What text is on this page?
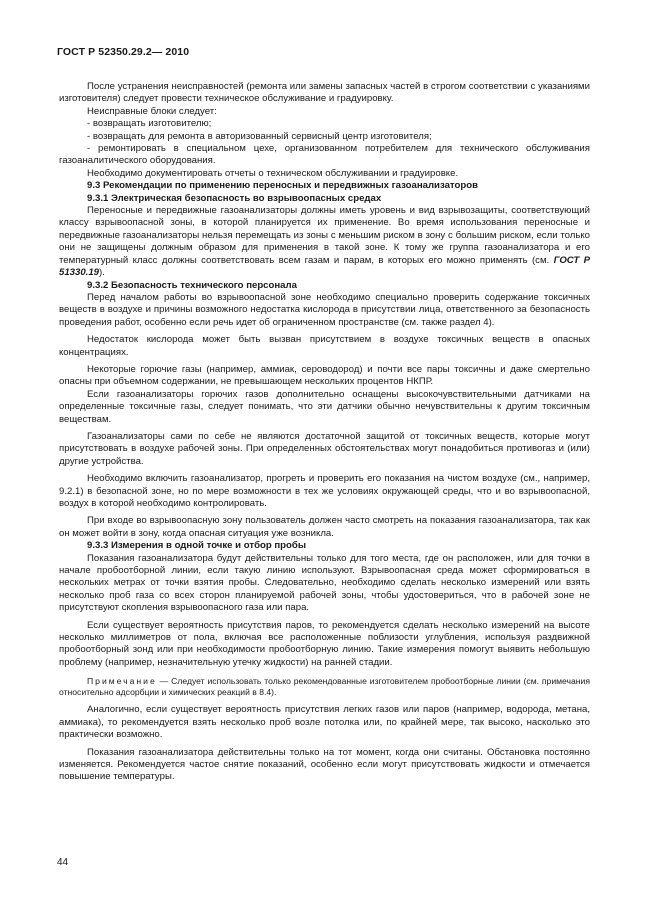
ГОСТ Р 52350.29.2— 2010

После устранения неисправностей (ремонта или замены запасных частей в строгом соответствии с указаниями изготовителя) следует провести техническое обслуживание и градуировку.

Неисправные блоки следует:

- возвращать изготовителю;

- возвращать для ремонта в авторизованный сервисный центр изготовителя;

- ремонтировать в специальном цехе, организованном потребителем для технического обслуживания газоаналитического оборудования.

Необходимо документировать отчеты о техническом обслуживании и градуировке.

9.3 Рекомендации по применению переносных и передвижных газоанализаторов

9.3.1 Электрическая безопасность во взрывоопасных средах

Переносные и передвижные газоанализаторы должны иметь уровень и вид взрывозащиты, соответствующий классу взрывоопасной зоны, в которой планируется их применение. Во время использования переносные и передвижные газоанализаторы нельзя перемещать из зоны с меньшим риском в зону с большим риском, если только они не защищены должным образом для применения в такой зоне. К тому же группа газоанализатора и его температурный класс должны соответствовать всем газам и парам, в которых его можно применять (см. ГОСТ Р 51330.19).

9.3.2 Безопасность технического персонала

Перед началом работы во взрывоопасной зоне необходимо специально проверить содержание токсичных веществ в воздухе и причины возможного недостатка кислорода в присутствии лица, ответственного за безопасность проведения работ, особенно если речь идет об ограниченном пространстве (см. также раздел 4).

Недостаток кислорода может быть вызван присутствием в воздухе токсичных веществ в опасных концентрациях.

Некоторые горючие газы (например, аммиак, сероводород) и почти все пары токсичны и даже смертельно опасны при объемном содержании, не превышающем нескольких процентов НКПР.

Если газоанализаторы горючих газов дополнительно оснащены высокочувствительными датчиками на определенные токсичные газы, следует понимать, что эти датчики обычно нечувствительны к другим токсичным веществам.

Газоанализаторы сами по себе не являются достаточной защитой от токсичных веществ, которые могут присутствовать в воздухе рабочей зоны. При определенных обстоятельствах могут понадобиться противогаз и (или) другие устройства.

Необходимо включить газоанализатор, прогреть и проверить его показания на чистом воздухе (см., например, 9.2.1) в безопасной зоне, но по мере возможности в тех же условиях окружающей среды, что и во взрывоопасной, воздух в которой необходимо контролировать.

При входе во взрывоопасную зону пользователь должен часто смотреть на показания газоанализатора, так как он может войти в зону, когда опасная ситуация уже возникла.

9.3.3 Измерения в одной точке и отбор пробы

Показания газоанализатора будут действительны только для того места, где он расположен, или для точки в начале пробоотборной линии, если такую линию используют. Взрывоопасная среда может сформироваться в нескольких метрах от точки взятия пробы. Следовательно, необходимо сделать несколько измерений или взять несколько проб газа со всех сторон планируемой рабочей зоны, чтобы удостовериться, что в рабочей зоне не присутствуют скопления взрывоопасного газа или пара.

Если существует вероятность присутствия паров, то рекомендуется сделать несколько измерений на высоте несколько миллиметров от пола, включая все расположенные поблизости углубления, используя раздвижной пробоотборный зонд или при необходимости пробоотборную линию. Такие измерения помогут выявить небольшую проблему (например, незначительную утечку жидкости) на ранней стадии.

Примечание — Следует использовать только рекомендованные изготовителем пробоотборные линии (см. примечания относительно адсорбции и химических реакций в 8.4).

Аналогично, если существует вероятность присутствия легких газов или паров (например, водорода, метана, аммиака), то рекомендуется взять несколько проб возле потолка или, по крайней мере, так высоко, насколько это практически возможно.

Показания газоанализатора действительны только на тот момент, когда они считаны. Обстановка постоянно изменяется. Рекомендуется частое снятие показаний, особенно если могут присутствовать жидкости и отмечается повышение температуры.

44
